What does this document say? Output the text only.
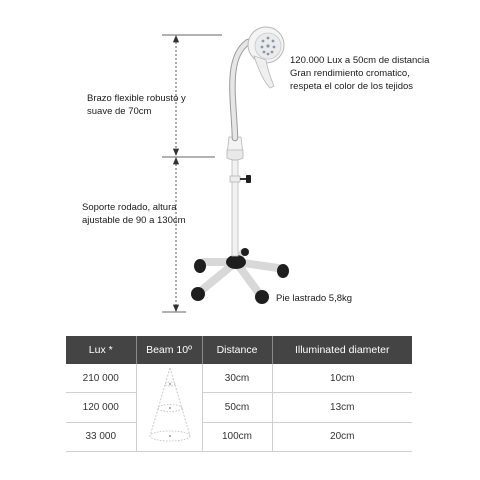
120.000 Lux a 50cm de distancia
Gran rendimiento cromatico,
respeta el color de los tejidos
Brazo flexible robusto y
suave de 70cm
Soporte rodado, altura
ajustable de 90 a 130cm
Pie lastrado 5,8kg
Lux *	Beam 10º	Distance	Illuminated diameter
210 000		30cm	10cm
120 000		50cm	13cm
33 000		100cm	20cm
